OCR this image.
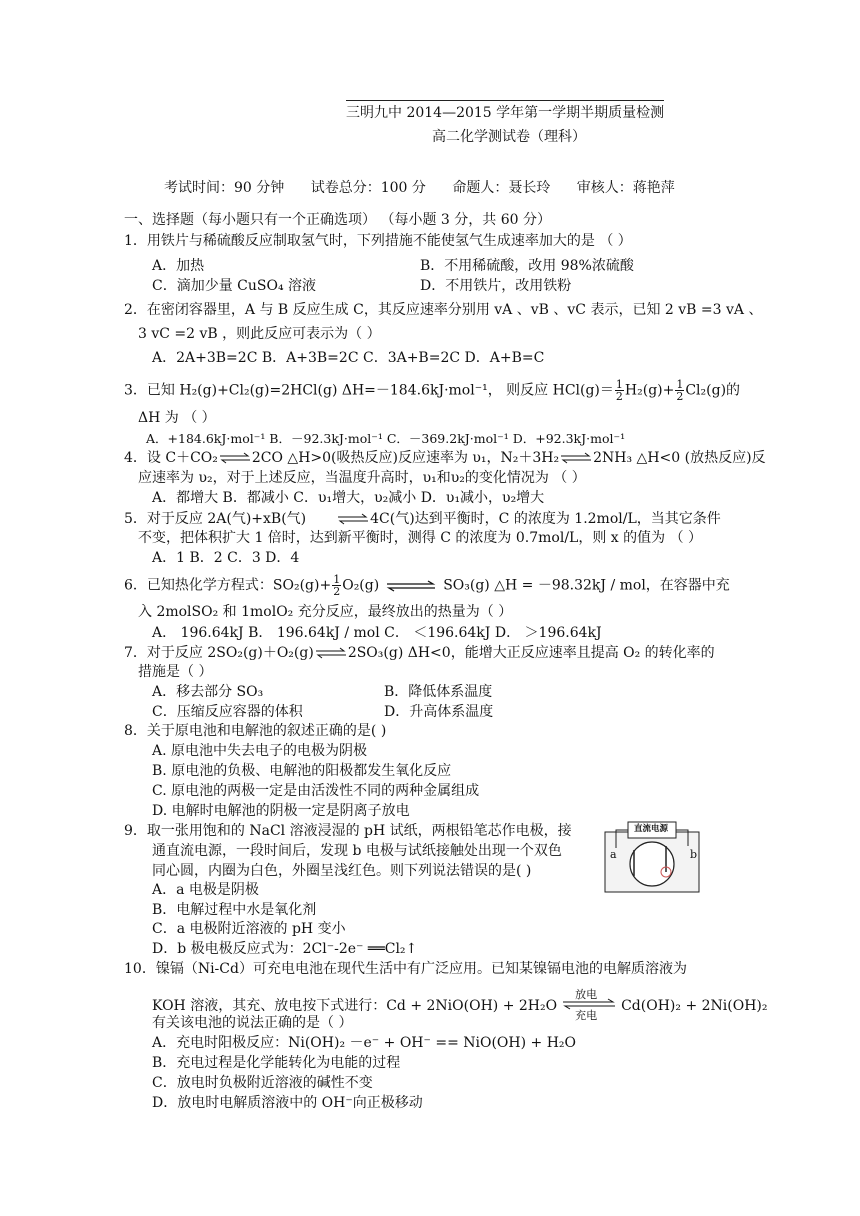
三明九中 2014—2015 学年第一学期半期质量检测
高二化学测试卷（理科）
考试时间：90 分钟 试卷总分：100 分 命题人：聂长玲 审核人：蒋艳萍
一、选择题（每小题只有一个正确选项） （每小题 3 分，共 60 分）
1．用铁片与稀硫酸反应制取氢气时，下列措施不能使氢气生成速率加大的是 （ ）
A．加热	B．不用稀硫酸，改用 98%浓硫酸
C．滴加少量 CuSO₄ 溶液	D．不用铁片，改用铁粉
2．在密闭容器里，A 与 B 反应生成 C，其反应速率分别用 vA 、vB 、vC 表示，已知 2 vB =3 vA 、
3 vC =2 vB ，则此反应可表示为（ ）
A．2A+3B=2C B．A+3B=2C C．3A+B=2C D．A+B=C
3．已知 H₂(g)+Cl₂(g)=2HCl(g) ΔH=－184.6kJ·mol⁻¹， 则反应 $HCl(g)= \frac{1}{2} H_2(g)+ \frac{1}{2} Cl_2(g)$的
ΔH 为 （ ）
A．+184.6kJ·mol⁻¹ B．－92.3kJ·mol⁻¹ C．－369.2kJ·mol⁻¹ D．+92.3kJ·mol⁻¹
4．设 C＋CO₂⇌2CO △H>0(吸热反应)反应速率为 υ₁，N₂＋3H₂⇌2NH₃ △H<0 (放热反应)反
应速率为 υ₂，对于上述反应，当温度升高时，υ₁和υ₂的变化情况为 （ ）
A．都增大 B．都减小 C．υ₁增大，υ₂减小 D．υ₁减小，υ₂增大
5．对于反应 2A(气)+xB(气) ⇌4C(气)达到平衡时，C 的浓度为 1.2mol/L，当其它条件
不变，把体积扩大 1 倍时，达到新平衡时，测得 C 的浓度为 0.7mol/L，则 x 的值为 （ ）
A．1 B．2 C．3 D．4
6．已知热化学方程式：$SO_2(g)+ \frac{1}{2} O_2(g)$ ⇌ SO₃(g) △H = －98.32kJ / mol，在容器中充
入 2molSO₂ 和 1molO₂ 充分反应，最终放出的热量为（ ）
A． 196.64kJ B． 196.64kJ / mol C． ＜196.64kJ D． ＞196.64kJ
7．对于反应 2SO₂(g)＋O₂(g)⇌2SO₃(g) ΔH<0，能增大正反应速率且提高 O₂ 的转化率的
措施是（ ）
A．移去部分 SO₃	B．降低体系温度
C．压缩反应容器的体积	D．升高体系温度
8．关于原电池和电解池的叙述正确的是( )
A. 原电池中失去电子的电极为阴极
B. 原电池的负极、电解池的阳极都发生氧化反应
C. 原电池的两极一定是由活泼性不同的两种金属组成
D. 电解时电解池的阴极一定是阴离子放电
9．取一张用饱和的 NaCl 溶液浸湿的 pH 试纸，两根铅笔芯作电极，接
通直流电源，一段时间后，发现 b 电极与试纸接触处出现一个双色
同心圆，内圈为白色，外圈呈浅红色。则下列说法错误的是( )
A．a 电极是阴极
B．电解过程中水是氧化剂
C．a 电极附近溶液的 pH 变小
D．b 极电极反应式为：2Cl⁻-2e⁻ ══Cl₂↑
直流电源
a	b
10．镍镉（Ni-Cd）可充电电池在现代生活中有广泛应用。已知某镍镉电池的电解质溶液为
KOH 溶液，其充、放电按下式进行：Cd + 2NiO(OH) + 2H₂O
放电
充电
Cd(OH)₂ + 2Ni(OH)₂
有关该电池的说法正确的是（ ）
A．充电时阳极反应：Ni(OH)₂ －e⁻ + OH⁻ == NiO(OH) + H₂O
B．充电过程是化学能转化为电能的过程
C．放电时负极附近溶液的碱性不变
D．放电时电解质溶液中的 OH⁻向正极移动
